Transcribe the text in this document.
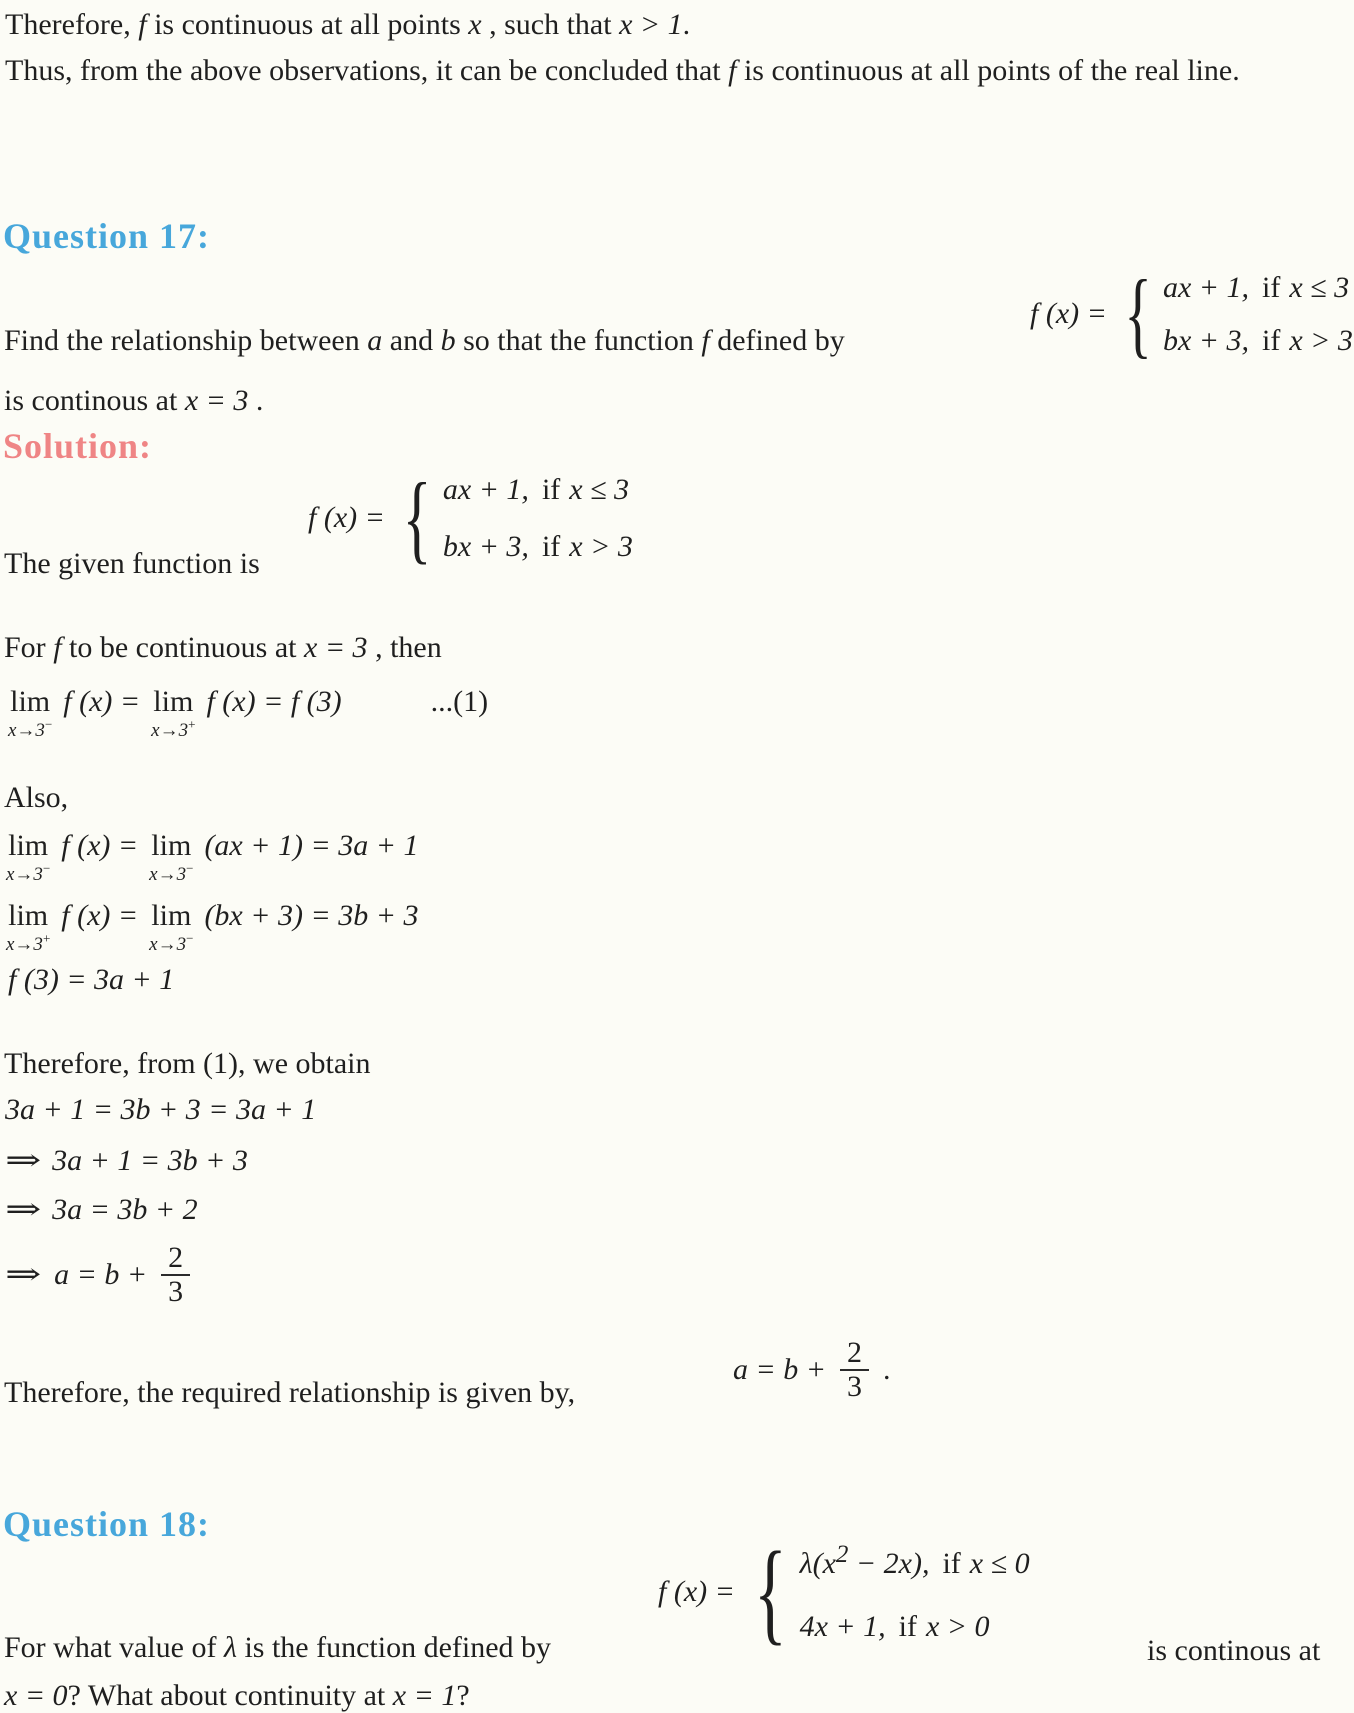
Therefore, f is continuous at all points x , such that x > 1.

Thus, from the above observations, it can be concluded that f is continuous at all points of the real line.

Question 17:
f (x) = { ax + 1, if x ≤ 3
bx + 3, if x > 3

Find the relationship between a and b so that the function f defined by

is continous at x = 3 .

Solution:
f (x) = { ax + 1, if x ≤ 3
bx + 3, if x > 3

The given function is

For f to be continuous at x = 3 , then

lim
x→3−
f (x) = lim
x→3+
f (x) = f (3)	...(1)

Also,

lim
x→3−
f (x) = lim
x→3−
(ax + 1) = 3a + 1
lim
x→3+
f (x) = lim
x→3−
(bx + 3) = 3b + 3

f (3) = 3a + 1

Therefore, from (1), we obtain

3a + 1 = 3b + 3 = 3a + 1

⇒ 3a + 1 = 3b + 3

⇒ 3a = 3b + 2

⇒ $a = b + \frac{2}{3}$

Therefore, the required relationship is given by,

$a = b + \frac{2}{3}$ .
Question 18:
f (x) = { $\lambda(x^2 - 2x)$, if x ≤ 0
4x + 1, if x > 0

For what value of λ is the function defined by	is continous at

x = 0? What about continuity at x = 1?
